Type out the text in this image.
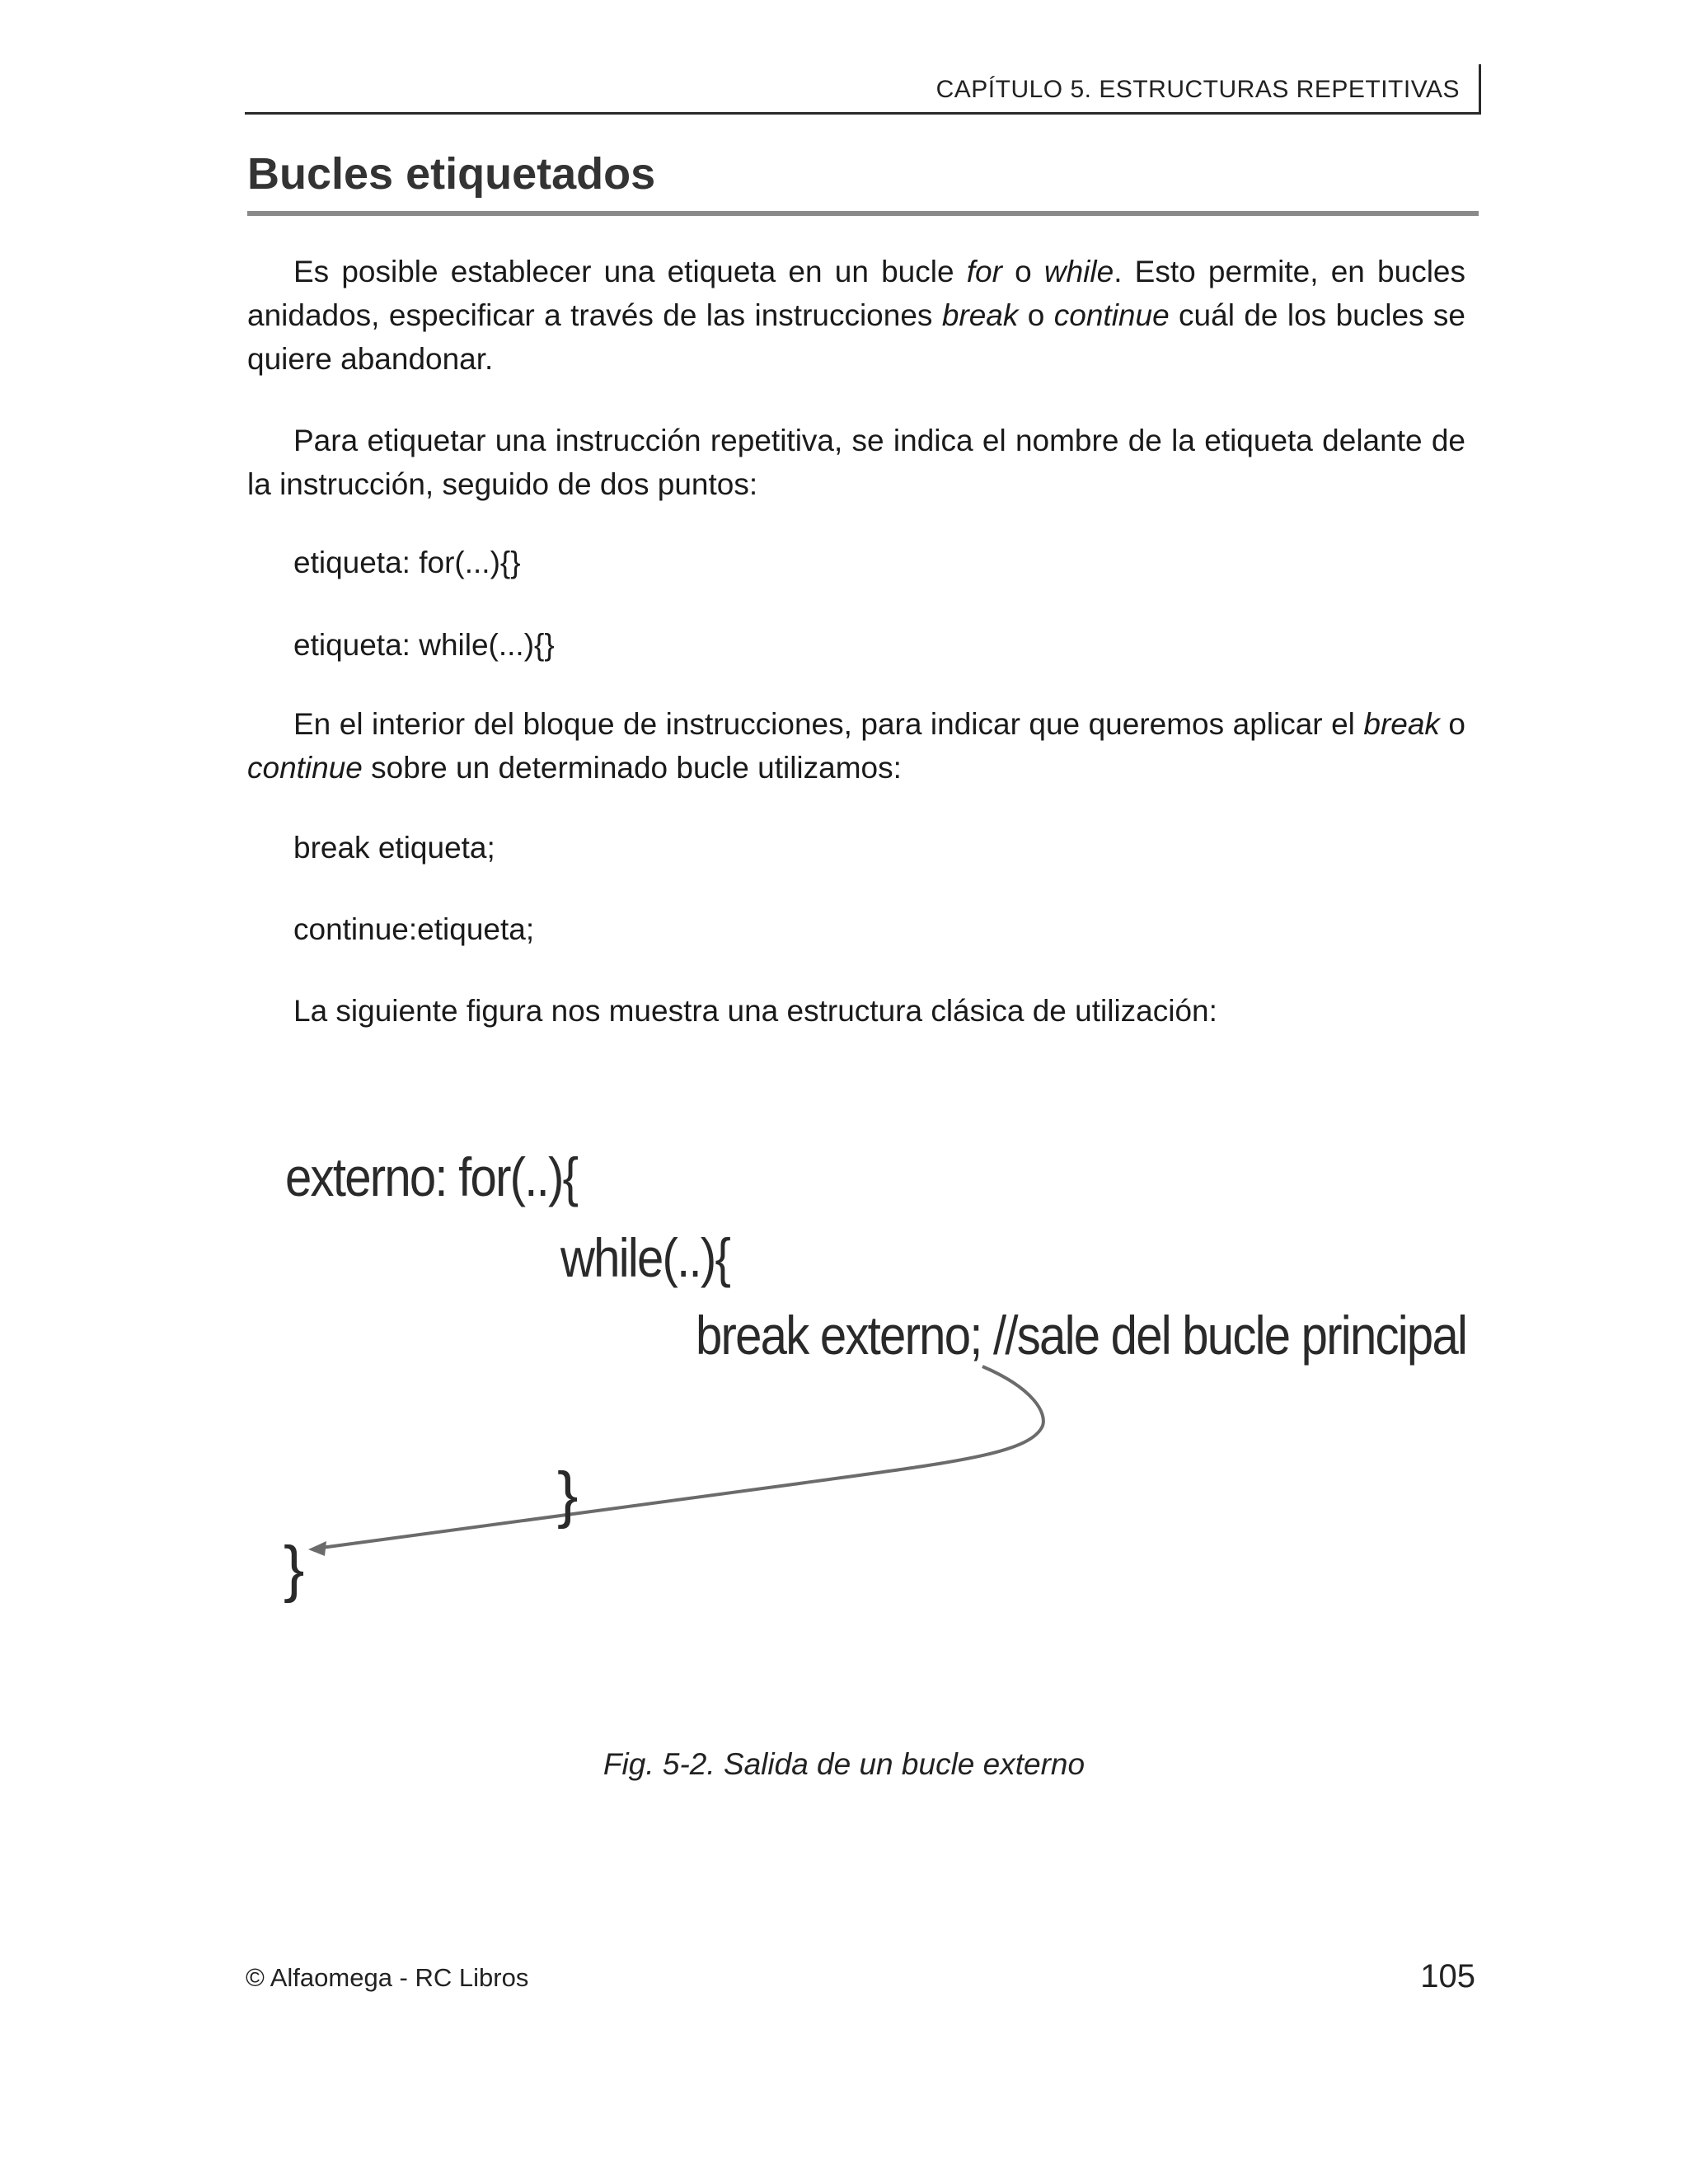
CAPÍTULO 5. ESTRUCTURAS REPETITIVAS
Bucles etiquetados

Es posible establecer una etiqueta en un bucle for o while. Esto permite, en bucles anidados, especificar a través de las instrucciones break o continue cuál de los bucles se quiere abandonar.

Para etiquetar una instrucción repetitiva, se indica el nombre de la etiqueta delante de la instrucción, seguido de dos puntos:

etiqueta: for(...){}

etiqueta: while(...){}

En el interior del bloque de instrucciones, para indicar que queremos aplicar el break o continue sobre un determinado bucle utilizamos:

break etiqueta;

continue:etiqueta;

La siguiente figura nos muestra una estructura clásica de utilización:

externo: for(..){
while(..){
break externo; //sale del bucle principal
}
}
Fig. 5-2. Salida de un bucle externo
© Alfaomega - RC Libros	105
